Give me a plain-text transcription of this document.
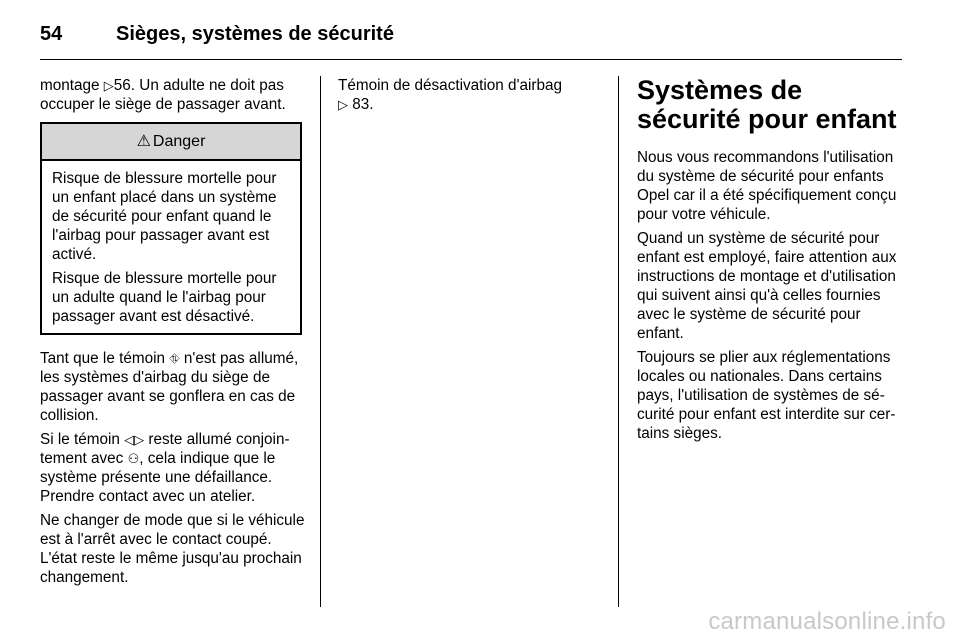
54	Sièges, systèmes de sécurité

montage ▷56. Un adulte ne doit pas occuper le siège de passager avant.

⚠ Danger

Risque de blessure mortelle pour un enfant placé dans un système de sécurité pour enfant quand le l'airbag pour passager avant est activé.

Risque de blessure mortelle pour un adulte quand le l'airbag pour passager avant est désactivé.

Tant que le témoin ⛗ n'est pas allumé, les systèmes d'airbag du siège de passager avant se gonflera en cas de collision.

Si le témoin ◁▷ reste allumé conjointement avec ⚇, cela indique que le système présente une défaillance. Prendre contact avec un atelier.

Ne changer de mode que si le véhicule est à l'arrêt avec le contact coupé. L'état reste le même jusqu'au prochain changement.

Témoin de désactivation d'airbag
▷ 83.	Systèmes de sécurité pour enfant

Nous vous recommandons l'utilisation du système de sécurité pour enfants Opel car il a été spécifiquement conçu pour votre véhicule.

Quand un système de sécurité pour enfant est employé, faire attention aux instructions de montage et d'utilisation qui suivent ainsi qu'à celles fournies avec le système de sécurité pour enfant.

Toujours se plier aux réglementations locales ou nationales. Dans certains pays, l'utilisation de systèmes de sécurité pour enfant est interdite sur certains sièges.

carmanualsonline.info
